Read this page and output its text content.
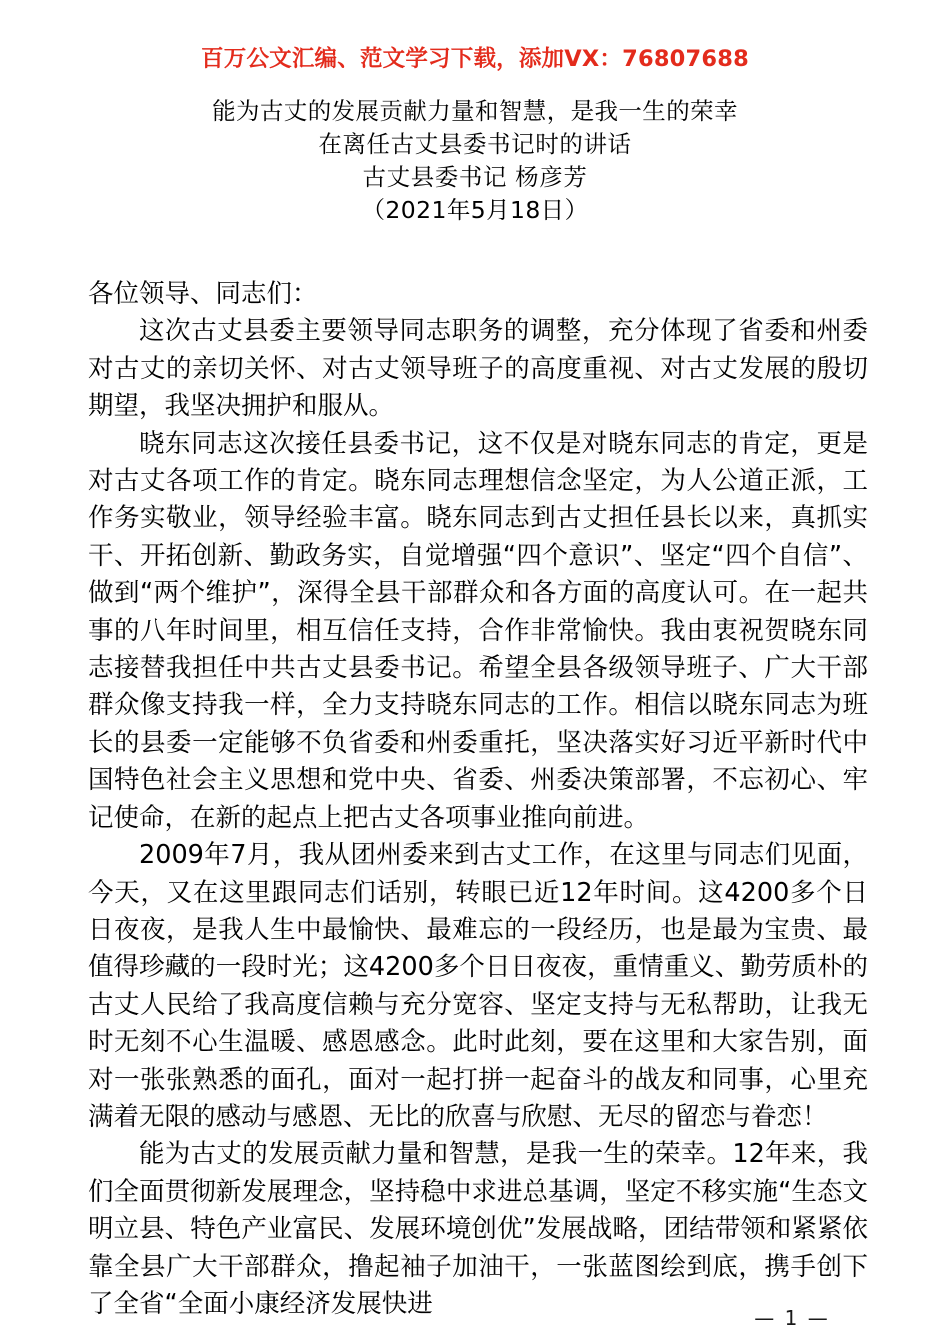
百万公文汇编、范文学习下载，添加VX：76807688
能为古丈的发展贡献力量和智慧，是我一生的荣幸
在离任古丈县委书记时的讲话
古丈县委书记 杨彦芳
（2021年5月18日）

各位领导、同志们：

这次古丈县委主要领导同志职务的调整，充分体现了省委和州委对古丈的亲切关怀、对古丈领导班子的高度重视、对古丈发展的殷切期望，我坚决拥护和服从。

晓东同志这次接任县委书记，这不仅是对晓东同志的肯定，更是对古丈各项工作的肯定。晓东同志理想信念坚定，为人公道正派，工作务实敬业，领导经验丰富。晓东同志到古丈担任县长以来，真抓实干、开拓创新、勤政务实，自觉增强“四个意识”、坚定“四个自信”、做到“两个维护”，深得全县干部群众和各方面的高度认可。在一起共事的八年时间里，相互信任支持，合作非常愉快。我由衷祝贺晓东同志接替我担任中共古丈县委书记。希望全县各级领导班子、广大干部群众像支持我一样，全力支持晓东同志的工作。相信以晓东同志为班长的县委一定能够不负省委和州委重托，坚决落实好习近平新时代中国特色社会主义思想和党中央、省委、州委决策部署，不忘初心、牢记使命，在新的起点上把古丈各项事业推向前进。

2009年7月，我从团州委来到古丈工作，在这里与同志们见面，今天，又在这里跟同志们话别，转眼已近12年时间。这4200多个日日夜夜，是我人生中最愉快、最难忘的一段经历，也是最为宝贵、最值得珍藏的一段时光；这4200多个日日夜夜，重情重义、勤劳质朴的古丈人民给了我高度信赖与充分宽容、坚定支持与无私帮助，让我无时无刻不心生温暖、感恩感念。此时此刻，要在这里和大家告别，面对一张张熟悉的面孔，面对一起打拼一起奋斗的战友和同事，心里充满着无限的感动与感恩、无比的欣喜与欣慰、无尽的留恋与眷恋！

能为古丈的发展贡献力量和智慧，是我一生的荣幸。12年来，我们全面贯彻新发展理念，坚持稳中求进总基调，坚定不移实施“生态文明立县、特色产业富民、发展环境创优”发展战略，团结带领和紧紧依靠全县广大干部群众，撸起袖子加油干，一张蓝图绘到底，携手创下了全省“全面小康经济发展快进	— 1 —
